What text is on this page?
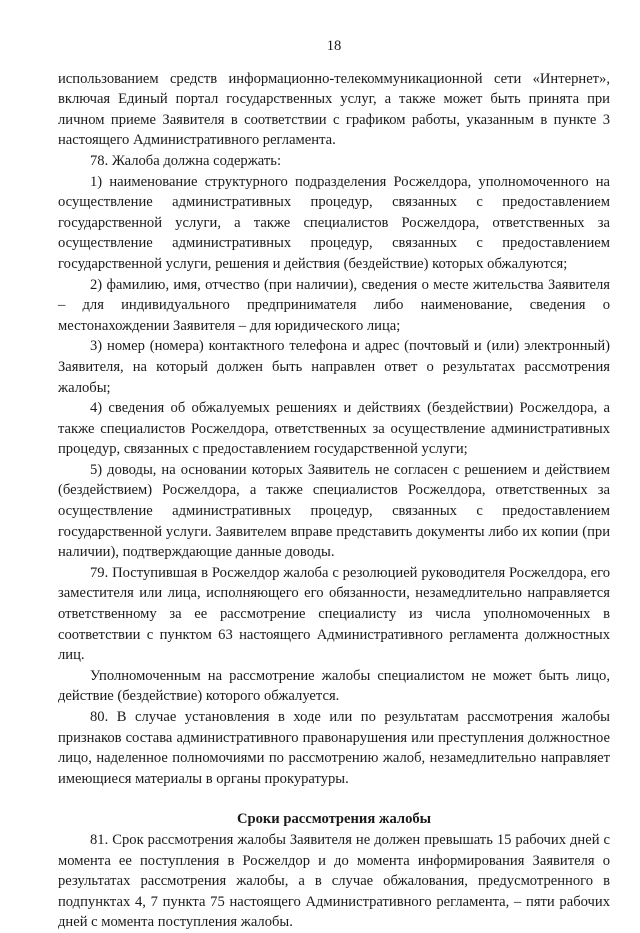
18

использованием средств информационно-телекоммуникационной сети «Интернет», включая Единый портал государственных услуг, а также может быть принята при личном приеме Заявителя в соответствии с графиком работы, указанным в пункте 3 настоящего Административного регламента.

78. Жалоба должна содержать:

1) наименование структурного подразделения Росжелдора, уполномоченного на осуществление административных процедур, связанных с предоставлением государственной услуги, а также специалистов Росжелдора, ответственных за осуществление административных процедур, связанных с предоставлением государственной услуги, решения и действия (бездействие) которых обжалуются;

2) фамилию, имя, отчество (при наличии), сведения о месте жительства Заявителя – для индивидуального предпринимателя либо наименование, сведения о местонахождении Заявителя – для юридического лица;

3) номер (номера) контактного телефона и адрес (почтовый и (или) электронный) Заявителя, на который должен быть направлен ответ о результатах рассмотрения жалобы;

4) сведения об обжалуемых решениях и действиях (бездействии) Росжелдора, а также специалистов Росжелдора, ответственных за осуществление административных процедур, связанных с предоставлением государственной услуги;

5) доводы, на основании которых Заявитель не согласен с решением и действием (бездействием) Росжелдора, а также специалистов Росжелдора, ответственных за осуществление административных процедур, связанных с предоставлением государственной услуги. Заявителем вправе представить документы либо их копии (при наличии), подтверждающие данные доводы.

79. Поступившая в Росжелдор жалоба с резолюцией руководителя Росжелдора, его заместителя или лица, исполняющего его обязанности, незамедлительно направляется ответственному за ее рассмотрение специалисту из числа уполномоченных в соответствии с пунктом 63 настоящего Административного регламента должностных лиц.

Уполномоченным на рассмотрение жалобы специалистом не может быть лицо, действие (бездействие) которого обжалуется.

80. В случае установления в ходе или по результатам рассмотрения жалобы признаков состава административного правонарушения или преступления должностное лицо, наделенное полномочиями по рассмотрению жалоб, незамедлительно направляет имеющиеся материалы в органы прокуратуры.

Сроки рассмотрения жалобы

81. Срок рассмотрения жалобы Заявителя не должен превышать 15 рабочих дней с момента ее поступления в Росжелдор и до момента информирования Заявителя о результатах рассмотрения жалобы, а в случае обжалования, предусмотренного в подпунктах 4, 7 пункта 75 настоящего Административного регламента, – пяти рабочих дней с момента поступления жалобы.
